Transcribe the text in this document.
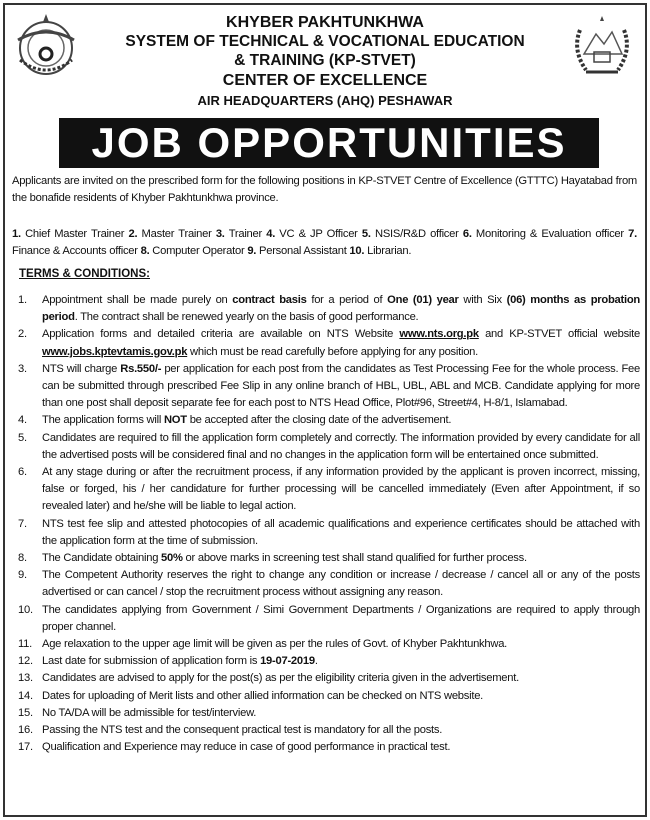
KHYBER PAKHTUNKHWA
SYSTEM OF TECHNICAL & VOCATIONAL EDUCATION
& TRAINING (KP-STVET)
CENTER OF EXCELLENCE
AIR HEADQUARTERS (AHQ) PESHAWAR
JOB OPPORTUNITIES
Applicants are invited on the prescribed form for the following positions in KP-STVET Centre of Excellence (GTTTC) Hayatabad from the bonafide residents of Khyber Pakhtunkhwa province.
1. Chief Master Trainer 2. Master Trainer 3. Trainer 4. VC & JP Officer 5. NSIS/R&D officer 6. Monitoring & Evaluation officer 7. Finance & Accounts officer 8. Computer Operator 9. Personal Assistant 10. Librarian.
TERMS & CONDITIONS:
1. Appointment shall be made purely on contract basis for a period of One (01) year with Six (06) months as probation period. The contract shall be renewed yearly on the basis of good performance.
2. Application forms and detailed criteria are available on NTS Website www.nts.org.pk and KP-STVET official website www.jobs.kptevtamis.gov.pk which must be read carefully before applying for any position.
3. NTS will charge Rs.550/- per application for each post from the candidates as Test Processing Fee for the whole process. Fee can be submitted through prescribed Fee Slip in any online branch of HBL, UBL, ABL and MCB. Candidate applying for more than one post shall deposit separate fee for each post to NTS Head Office, Plot#96, Street#4, H-8/1, Islamabad.
4. The application forms will NOT be accepted after the closing date of the advertisement.
5. Candidates are required to fill the application form completely and correctly. The information provided by every candidate for all the advertised posts will be considered final and no changes in the application form will be entertained once submitted.
6. At any stage during or after the recruitment process, if any information provided by the applicant is proven incorrect, missing, false or forged, his / her candidature for further processing will be cancelled immediately (Even after Appointment, if so revealed later) and he/she will be liable to legal action.
7. NTS test fee slip and attested photocopies of all academic qualifications and experience certificates should be attached with the application form at the time of submission.
8. The Candidate obtaining 50% or above marks in screening test shall stand qualified for further process.
9. The Competent Authority reserves the right to change any condition or increase / decrease / cancel all or any of the posts advertised or can cancel / stop the recruitment process without assigning any reason.
10. The candidates applying from Government / Simi Government Departments / Organizations are required to apply through proper channel.
11. Age relaxation to the upper age limit will be given as per the rules of Govt. of Khyber Pakhtunkhwa.
12. Last date for submission of application form is 19-07-2019.
13. Candidates are advised to apply for the post(s) as per the eligibility criteria given in the advertisement.
14. Dates for uploading of Merit lists and other allied information can be checked on NTS website.
15. No TA/DA will be admissible for test/interview.
16. Passing the NTS test and the consequent practical test is mandatory for all the posts.
17. Qualification and Experience may reduce in case of good performance in practical test.
